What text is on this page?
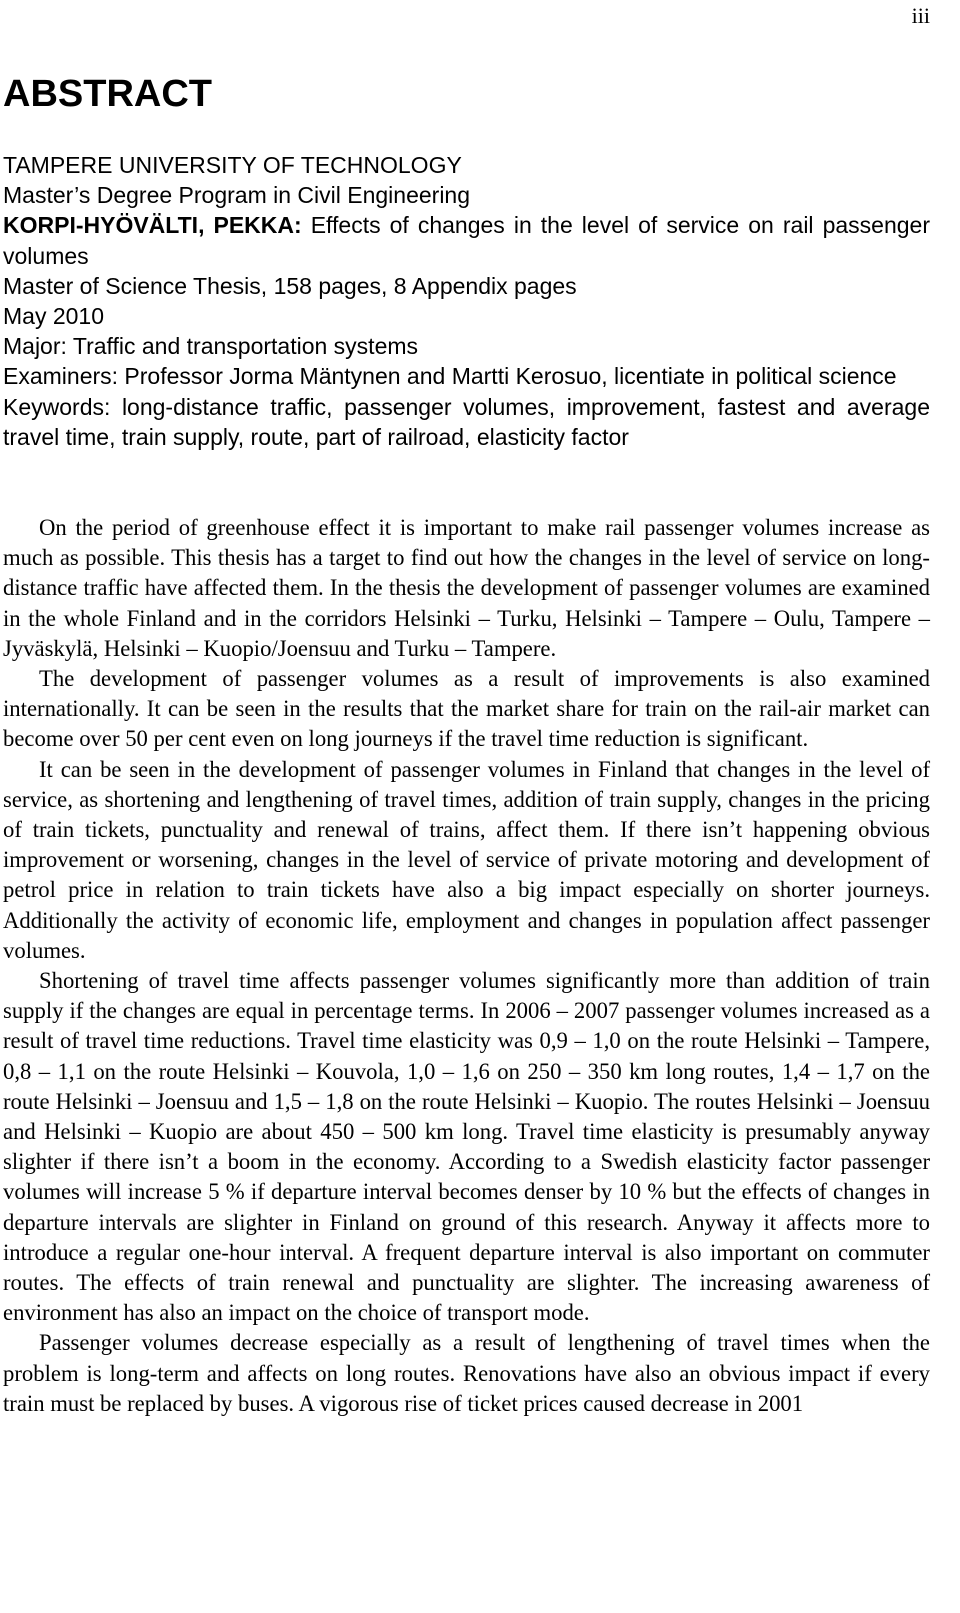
iii
ABSTRACT
TAMPERE UNIVERSITY OF TECHNOLOGY
Master’s Degree Program in Civil Engineering
KORPI-HYÖVÄLTI, PEKKA: Effects of changes in the level of service on rail passenger volumes
Master of Science Thesis, 158 pages, 8 Appendix pages
May 2010
Major: Traffic and transportation systems
Examiners: Professor Jorma Mäntynen and Martti Kerosuo, licentiate in political science
Keywords: long-distance traffic, passenger volumes, improvement, fastest and average travel time, train supply, route, part of railroad, elasticity factor

On the period of greenhouse effect it is important to make rail passenger volumes increase as much as possible. This thesis has a target to find out how the changes in the level of service on long-distance traffic have affected them. In the thesis the development of passenger volumes are examined in the whole Finland and in the corridors Helsinki – Turku, Helsinki – Tampere – Oulu, Tampere – Jyväskylä, Helsinki – Kuopio/Joensuu and Turku – Tampere.

The development of passenger volumes as a result of improvements is also examined internationally. It can be seen in the results that the market share for train on the rail-air market can become over 50 per cent even on long journeys if the travel time reduction is significant.

It can be seen in the development of passenger volumes in Finland that changes in the level of service, as shortening and lengthening of travel times, addition of train supply, changes in the pricing of train tickets, punctuality and renewal of trains, affect them. If there isn’t happening obvious improvement or worsening, changes in the level of service of private motoring and development of petrol price in relation to train tickets have also a big impact especially on shorter journeys. Additionally the activity of economic life, employment and changes in population affect passenger volumes.

Shortening of travel time affects passenger volumes significantly more than addition of train supply if the changes are equal in percentage terms. In 2006 – 2007 passenger volumes increased as a result of travel time reductions. Travel time elasticity was 0,9 – 1,0 on the route Helsinki – Tampere, 0,8 – 1,1 on the route Helsinki – Kouvola, 1,0 – 1,6 on 250 – 350 km long routes, 1,4 – 1,7 on the route Helsinki – Joensuu and 1,5 – 1,8 on the route Helsinki – Kuopio. The routes Helsinki – Joensuu and Helsinki – Kuopio are about 450 – 500 km long. Travel time elasticity is presumably anyway slighter if there isn’t a boom in the economy. According to a Swedish elasticity factor passenger volumes will increase 5 % if departure interval becomes denser by 10 % but the effects of changes in departure intervals are slighter in Finland on ground of this research. Anyway it affects more to introduce a regular one-hour interval. A frequent departure interval is also important on commuter routes. The effects of train renewal and punctuality are slighter. The increasing awareness of environment has also an impact on the choice of transport mode.

Passenger volumes decrease especially as a result of lengthening of travel times when the problem is long-term and affects on long routes. Renovations have also an obvious impact if every train must be replaced by buses. A vigorous rise of ticket prices caused decrease in 2001
